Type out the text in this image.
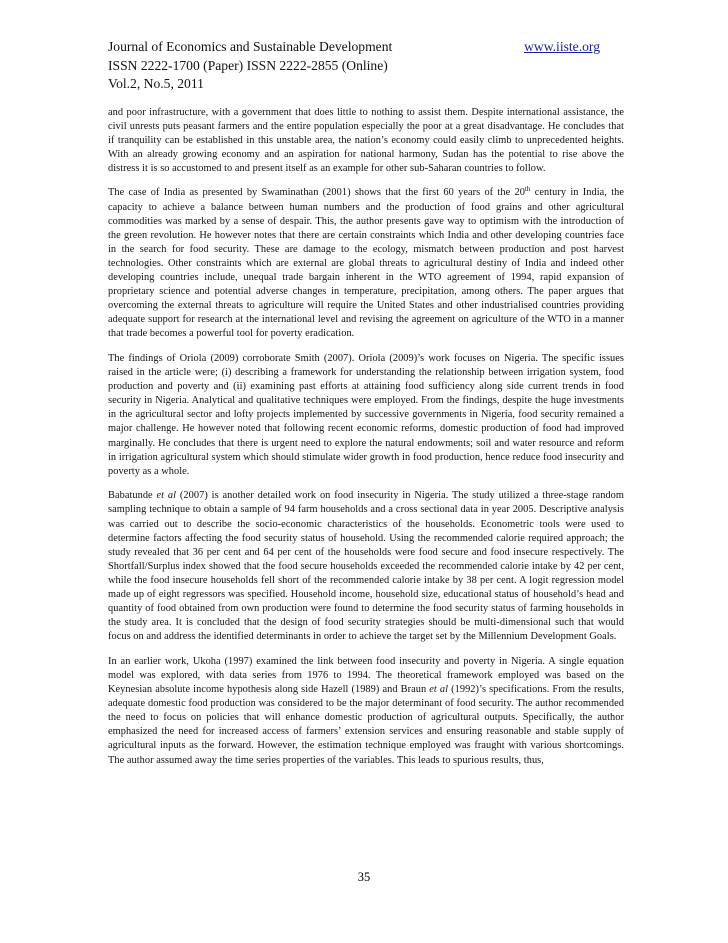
Journal of Economics and Sustainable Development	www.iiste.org
ISSN 2222-1700 (Paper) ISSN 2222-2855 (Online)
Vol.2, No.5, 2011

and poor infrastructure, with a government that does little to nothing to assist them. Despite international assistance, the civil unrests puts peasant farmers and the entire population especially the poor at a great disadvantage. He concludes that if tranquility can be established in this unstable area, the nation’s economy could easily climb to unprecedented heights. With an already growing economy and an aspiration for national harmony, Sudan has the potential to rise above the distress it is so accustomed to and present itself as an example for other sub-Saharan countries to follow.

The case of India as presented by Swaminathan (2001) shows that the first 60 years of the 20th century in India, the capacity to achieve a balance between human numbers and the production of food grains and other agricultural commodities was marked by a sense of despair. This, the author presents gave way to optimism with the introduction of the green revolution. He however notes that there are certain constraints which India and other developing countries face in the search for food security. These are damage to the ecology, mismatch between production and post harvest technologies. Other constraints which are external are global threats to agricultural destiny of India and indeed other developing countries include, unequal trade bargain inherent in the WTO agreement of 1994, rapid expansion of proprietary science and potential adverse changes in temperature, precipitation, among others. The paper argues that overcoming the external threats to agriculture will require the United States and other industrialised countries providing adequate support for research at the international level and revising the agreement on agriculture of the WTO in a manner that trade becomes a powerful tool for poverty eradication.

The findings of Oriola (2009) corroborate Smith (2007). Oriola (2009)’s work focuses on Nigeria. The specific issues raised in the article were; (i) describing a framework for understanding the relationship between irrigation system, food production and poverty and (ii) examining past efforts at attaining food sufficiency along side current trends in food security in Nigeria. Analytical and qualitative techniques were employed. From the findings, despite the huge investments in the agricultural sector and lofty projects implemented by successive governments in Nigeria, food security remained a major challenge. He however noted that following recent economic reforms, domestic production of food had improved marginally. He concludes that there is urgent need to explore the natural endowments; soil and water resource and reform in irrigation agricultural system which should stimulate wider growth in food production, hence reduce food insecurity and poverty as a whole.

Babatunde et al (2007) is another detailed work on food insecurity in Nigeria. The study utilized a three-stage random sampling technique to obtain a sample of 94 farm households and a cross sectional data in year 2005. Descriptive analysis was carried out to describe the socio-economic characteristics of the households. Econometric tools were used to determine factors affecting the food security status of household. Using the recommended calorie required approach; the study revealed that 36 per cent and 64 per cent of the households were food secure and food insecure respectively. The Shortfall/Surplus index showed that the food secure households exceeded the recommended calorie intake by 42 per cent, while the food insecure households fell short of the recommended calorie intake by 38 per cent. A logit regression model made up of eight regressors was specified. Household income, household size, educational status of household’s head and quantity of food obtained from own production were found to determine the food security status of farming households in the study area. It is concluded that the design of food security strategies should be multi-dimensional such that would focus on and address the identified determinants in order to achieve the target set by the Millennium Development Goals.

In an earlier work, Ukoha (1997) examined the link between food insecurity and poverty in Nigeria. A single equation model was explored, with data series from 1976 to 1994. The theoretical framework employed was based on the Keynesian absolute income hypothesis along side Hazell (1989) and Braun et al (1992)’s specifications. From the results, adequate domestic food production was considered to be the major determinant of food security. The author recommended the need to focus on policies that will enhance domestic production of agricultural outputs. Specifically, the author emphasized the need for increased access of farmers’ extension services and ensuring reasonable and stable supply of agricultural inputs as the forward. However, the estimation technique employed was fraught with various shortcomings. The author assumed away the time series properties of the variables. This leads to spurious results, thus,

35
